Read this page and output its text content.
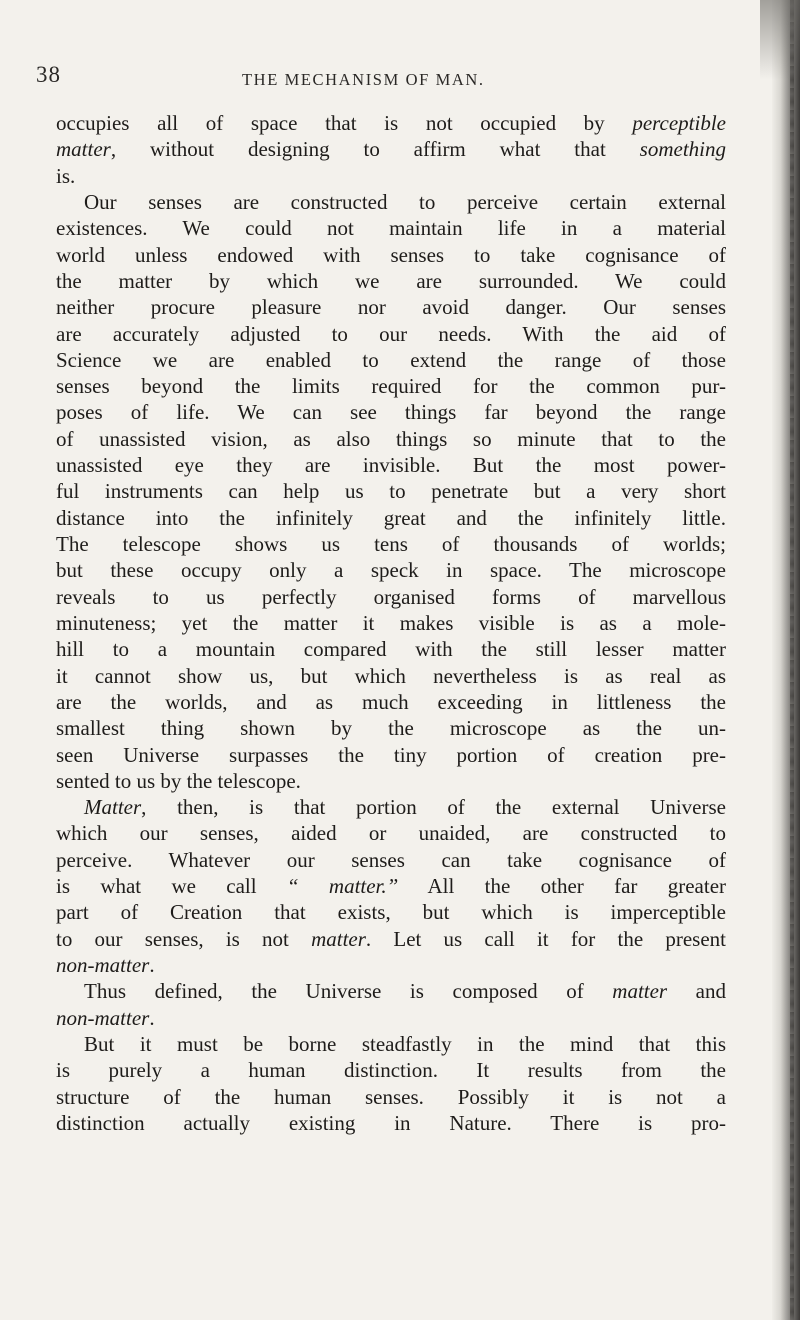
38	THE MECHANISM OF MAN.
occupies all of space that is not occupied by perceptible
matter, without designing to affirm what that something
is.
Our senses are constructed to perceive certain external
existences. We could not maintain life in a material
world unless endowed with senses to take cognisance of
the matter by which we are surrounded. We could
neither procure pleasure nor avoid danger. Our senses
are accurately adjusted to our needs. With the aid of
Science we are enabled to extend the range of those
senses beyond the limits required for the common pur-
poses of life. We can see things far beyond the range
of unassisted vision, as also things so minute that to the
unassisted eye they are invisible. But the most power-
ful instruments can help us to penetrate but a very short
distance into the infinitely great and the infinitely little.
The telescope shows us tens of thousands of worlds;
but these occupy only a speck in space. The microscope
reveals to us perfectly organised forms of marvellous
minuteness; yet the matter it makes visible is as a mole-
hill to a mountain compared with the still lesser matter
it cannot show us, but which nevertheless is as real as
are the worlds, and as much exceeding in littleness the
smallest thing shown by the microscope as the un-
seen Universe surpasses the tiny portion of creation pre-
sented to us by the telescope.
Matter, then, is that portion of the external Universe
which our senses, aided or unaided, are constructed to
perceive. Whatever our senses can take cognisance of
is what we call “ matter.” All the other far greater
part of Creation that exists, but which is imperceptible
to our senses, is not matter. Let us call it for the present
non-matter.
Thus defined, the Universe is composed of matter and
non-matter.
But it must be borne steadfastly in the mind that this
is purely a human distinction. It results from the
structure of the human senses. Possibly it is not a
distinction actually existing in Nature. There is pro-
